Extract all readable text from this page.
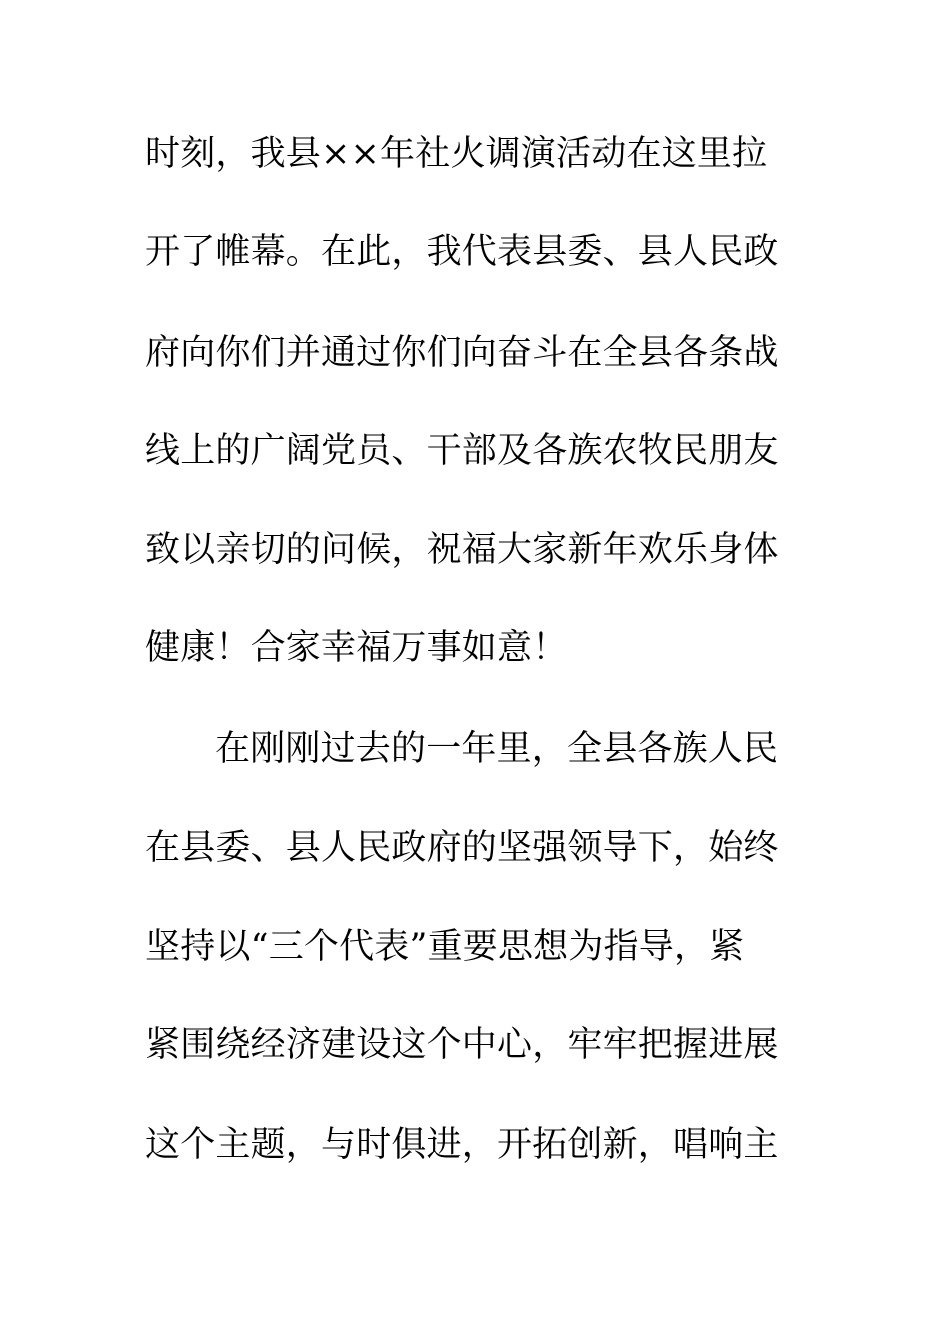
时刻，我县××年社火调演活动在这里拉
开了帷幕。在此，我代表县委、县人民政
府向你们并通过你们向奋斗在全县各条战
线上的广阔党员、干部及各族农牧民朋友
致以亲切的问候，祝福大家新年欢乐身体
健康！合家幸福万事如意！
在刚刚过去的一年里，全县各族人民
在县委、县人民政府的坚强领导下，始终
坚持以“三个代表”重要思想为指导，紧
紧围绕经济建设这个中心，牢牢把握进展
这个主题，与时俱进，开拓创新，唱响主
